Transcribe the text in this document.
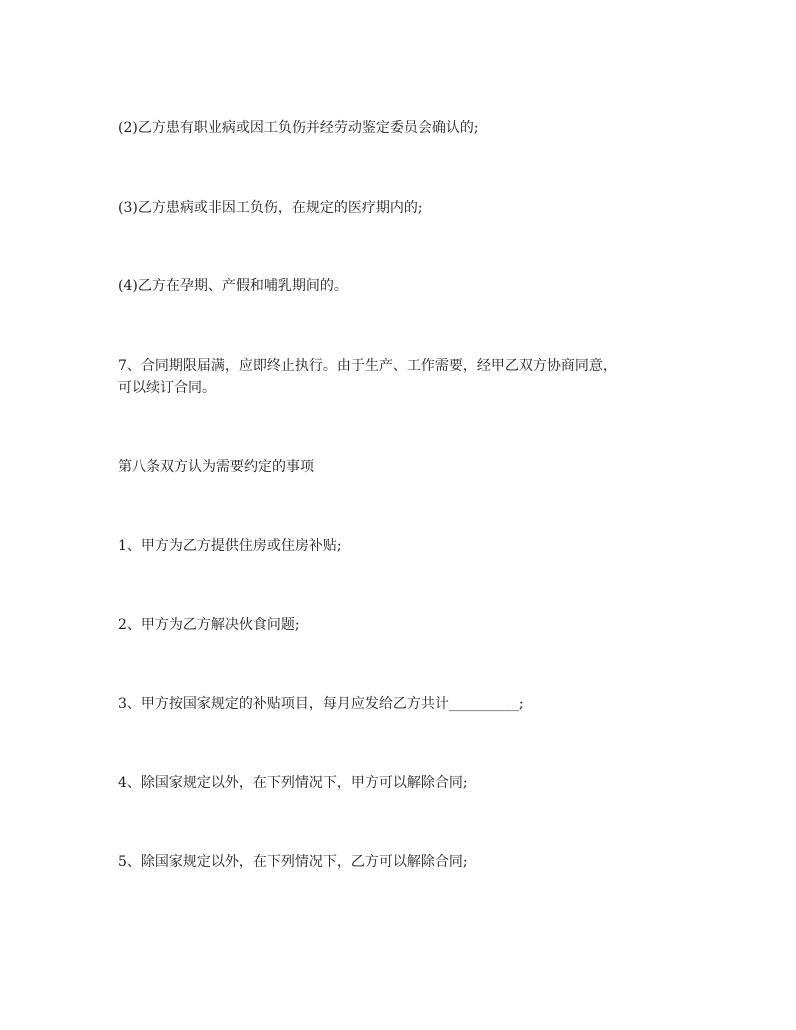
(2)乙方患有职业病或因工负伤并经劳动鉴定委员会确认的;

(3)乙方患病或非因工负伤，在规定的医疗期内的;

(4)乙方在孕期、产假和哺乳期间的。

7、合同期限届满，应即终止执行。由于生产、工作需要，经甲乙双方协商同意，

可以续订合同。

第八条双方认为需要约定的事项

1、甲方为乙方提供住房或住房补贴;

2、甲方为乙方解决伙食问题;

3、甲方按国家规定的补贴项目，每月应发给乙方共计__________;

4、除国家规定以外，在下列情况下，甲方可以解除合同;

5、除国家规定以外，在下列情况下，乙方可以解除合同;
